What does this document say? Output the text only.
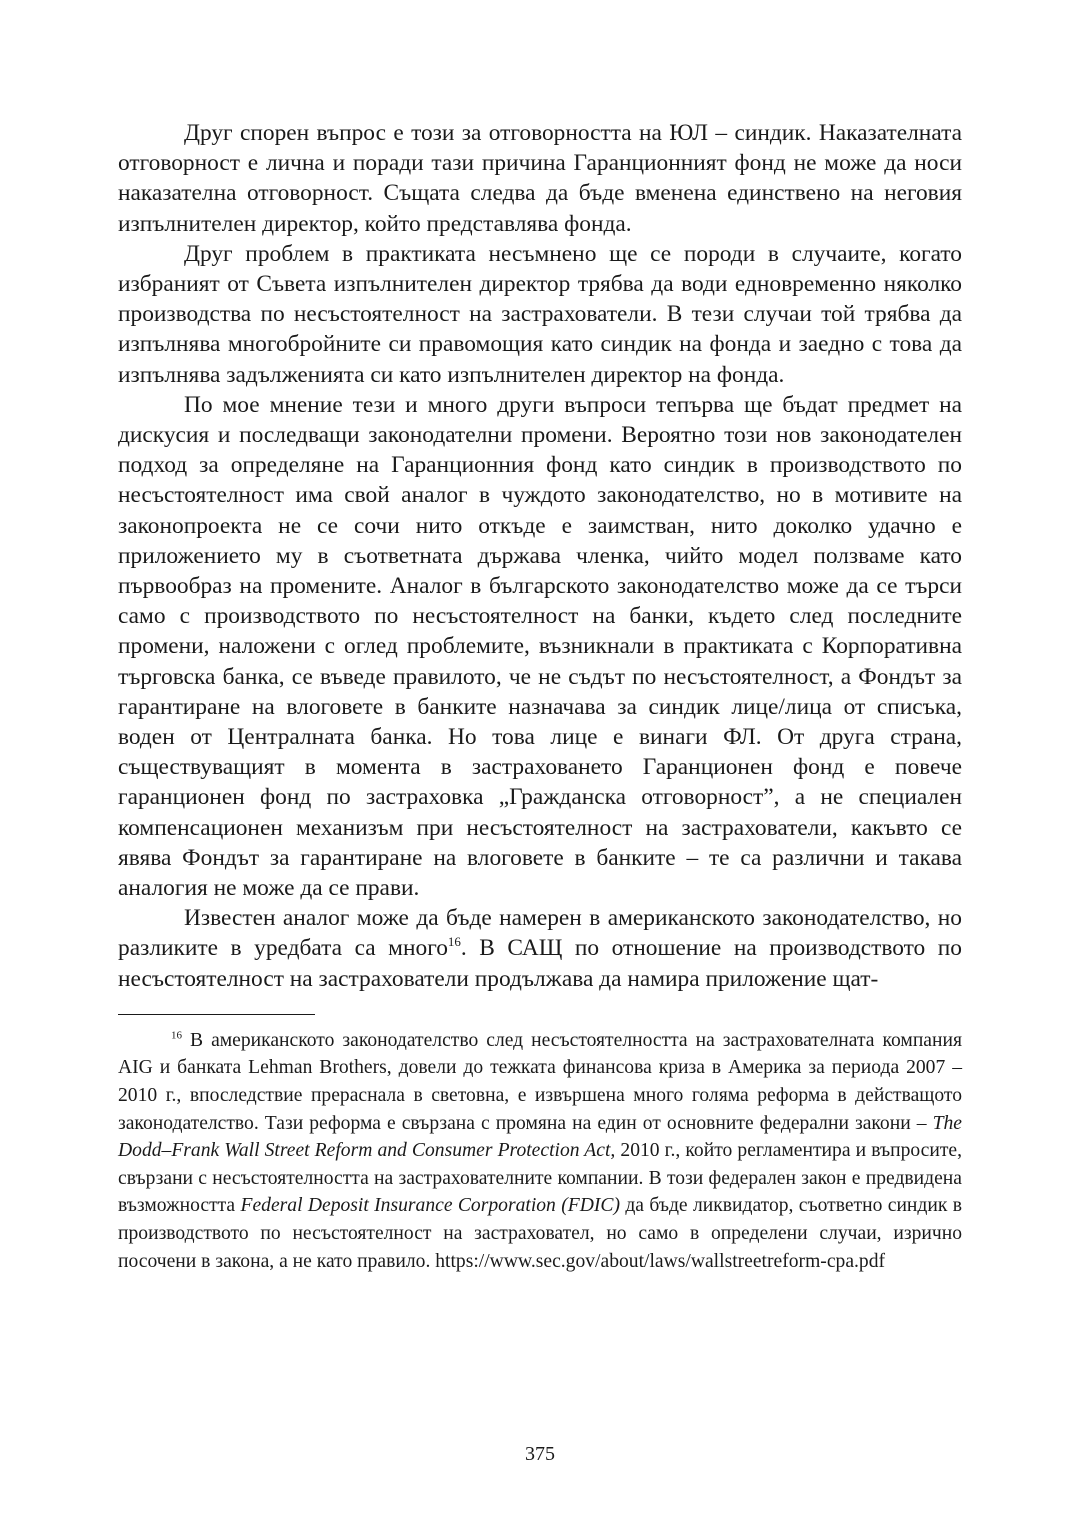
Друг спорен въпрос е този за отговорността на ЮЛ – синдик. Наказателната отговорност е лична и поради тази причина Гаранционният фонд не може да носи наказателна отговорност. Същата следва да бъде вменена единствено на неговия изпълнителен директор, който представлява фонда.

Друг проблем в практиката несъмнено ще се породи в случаите, когато избраният от Съвета изпълнителен директор трябва да води едновременно няколко производства по несъстоятелност на застрахователи. В тези случаи той трябва да изпълнява многобройните си правомощия като синдик на фонда и заедно с това да изпълнява задълженията си като изпълнителен директор на фонда.

По мое мнение тези и много други въпроси тепърва ще бъдат предмет на дискусия и последващи законодателни промени. Вероятно този нов законодателен подход за определяне на Гаранционния фонд като синдик в производството по несъстоятелност има свой аналог в чуждото законодателство, но в мотивите на законопроекта не се сочи нито откъде е заимстван, нито доколко удачно е приложението му в съответната държава членка, чийто модел ползваме като първообраз на промените. Аналог в българското законодателство може да се търси само с производството по несъстоятелност на банки, където след последните промени, наложени с оглед проблемите, възникнали в практиката с Корпоративна търговска банка, се въведе правилото, че не съдът по несъстоятелност, а Фондът за гарантиране на влоговете в банките назначава за синдик лице/лица от списъка, воден от Централната банка. Но това лице е винаги ФЛ. От друга страна, съществуващият в момента в застраховането Гаранционен фонд е повече гаранционен фонд по застраховка „Гражданска отговорност”, а не специален компенсационен механизъм при несъстоятелност на застрахователи, какъвто се явява Фондът за гарантиране на влоговете в банките – те са различни и такава аналогия не може да се прави.

Известен аналог може да бъде намерен в американското законодателство, но разликите в уредбата са много$^{16}$. В САЩ по отношение на производството по несъстоятелност на застрахователи продължава да намира приложение щат-

$^{16}$ В американското законодателство след несъстоятелността на застрахователната компания AIG и банката Lehman Brothers, довели до тежката финансова криза в Америка за периода 2007 – 2010 г., впоследствие прераснала в световна, е извършена много голяма реформа в действащото законодателство. Тази реформа е свързана с промяна на един от основните федерални закони – The Dodd–Frank Wall Street Reform and Consumer Protection Act, 2010 г., който регламентира и въпросите, свързани с несъстоятелността на застрахователните компании. В този федерален закон е предвидена възможността Federal Deposit Insurance Corporation (FDIC) да бъде ликвидатор, съответно синдик в производството по несъстоятелност на застраховател, но само в определени случаи, изрично посочени в закона, а не като правило. https://www.sec.gov/about/laws/wallstreetreform-cpa.pdf

375
